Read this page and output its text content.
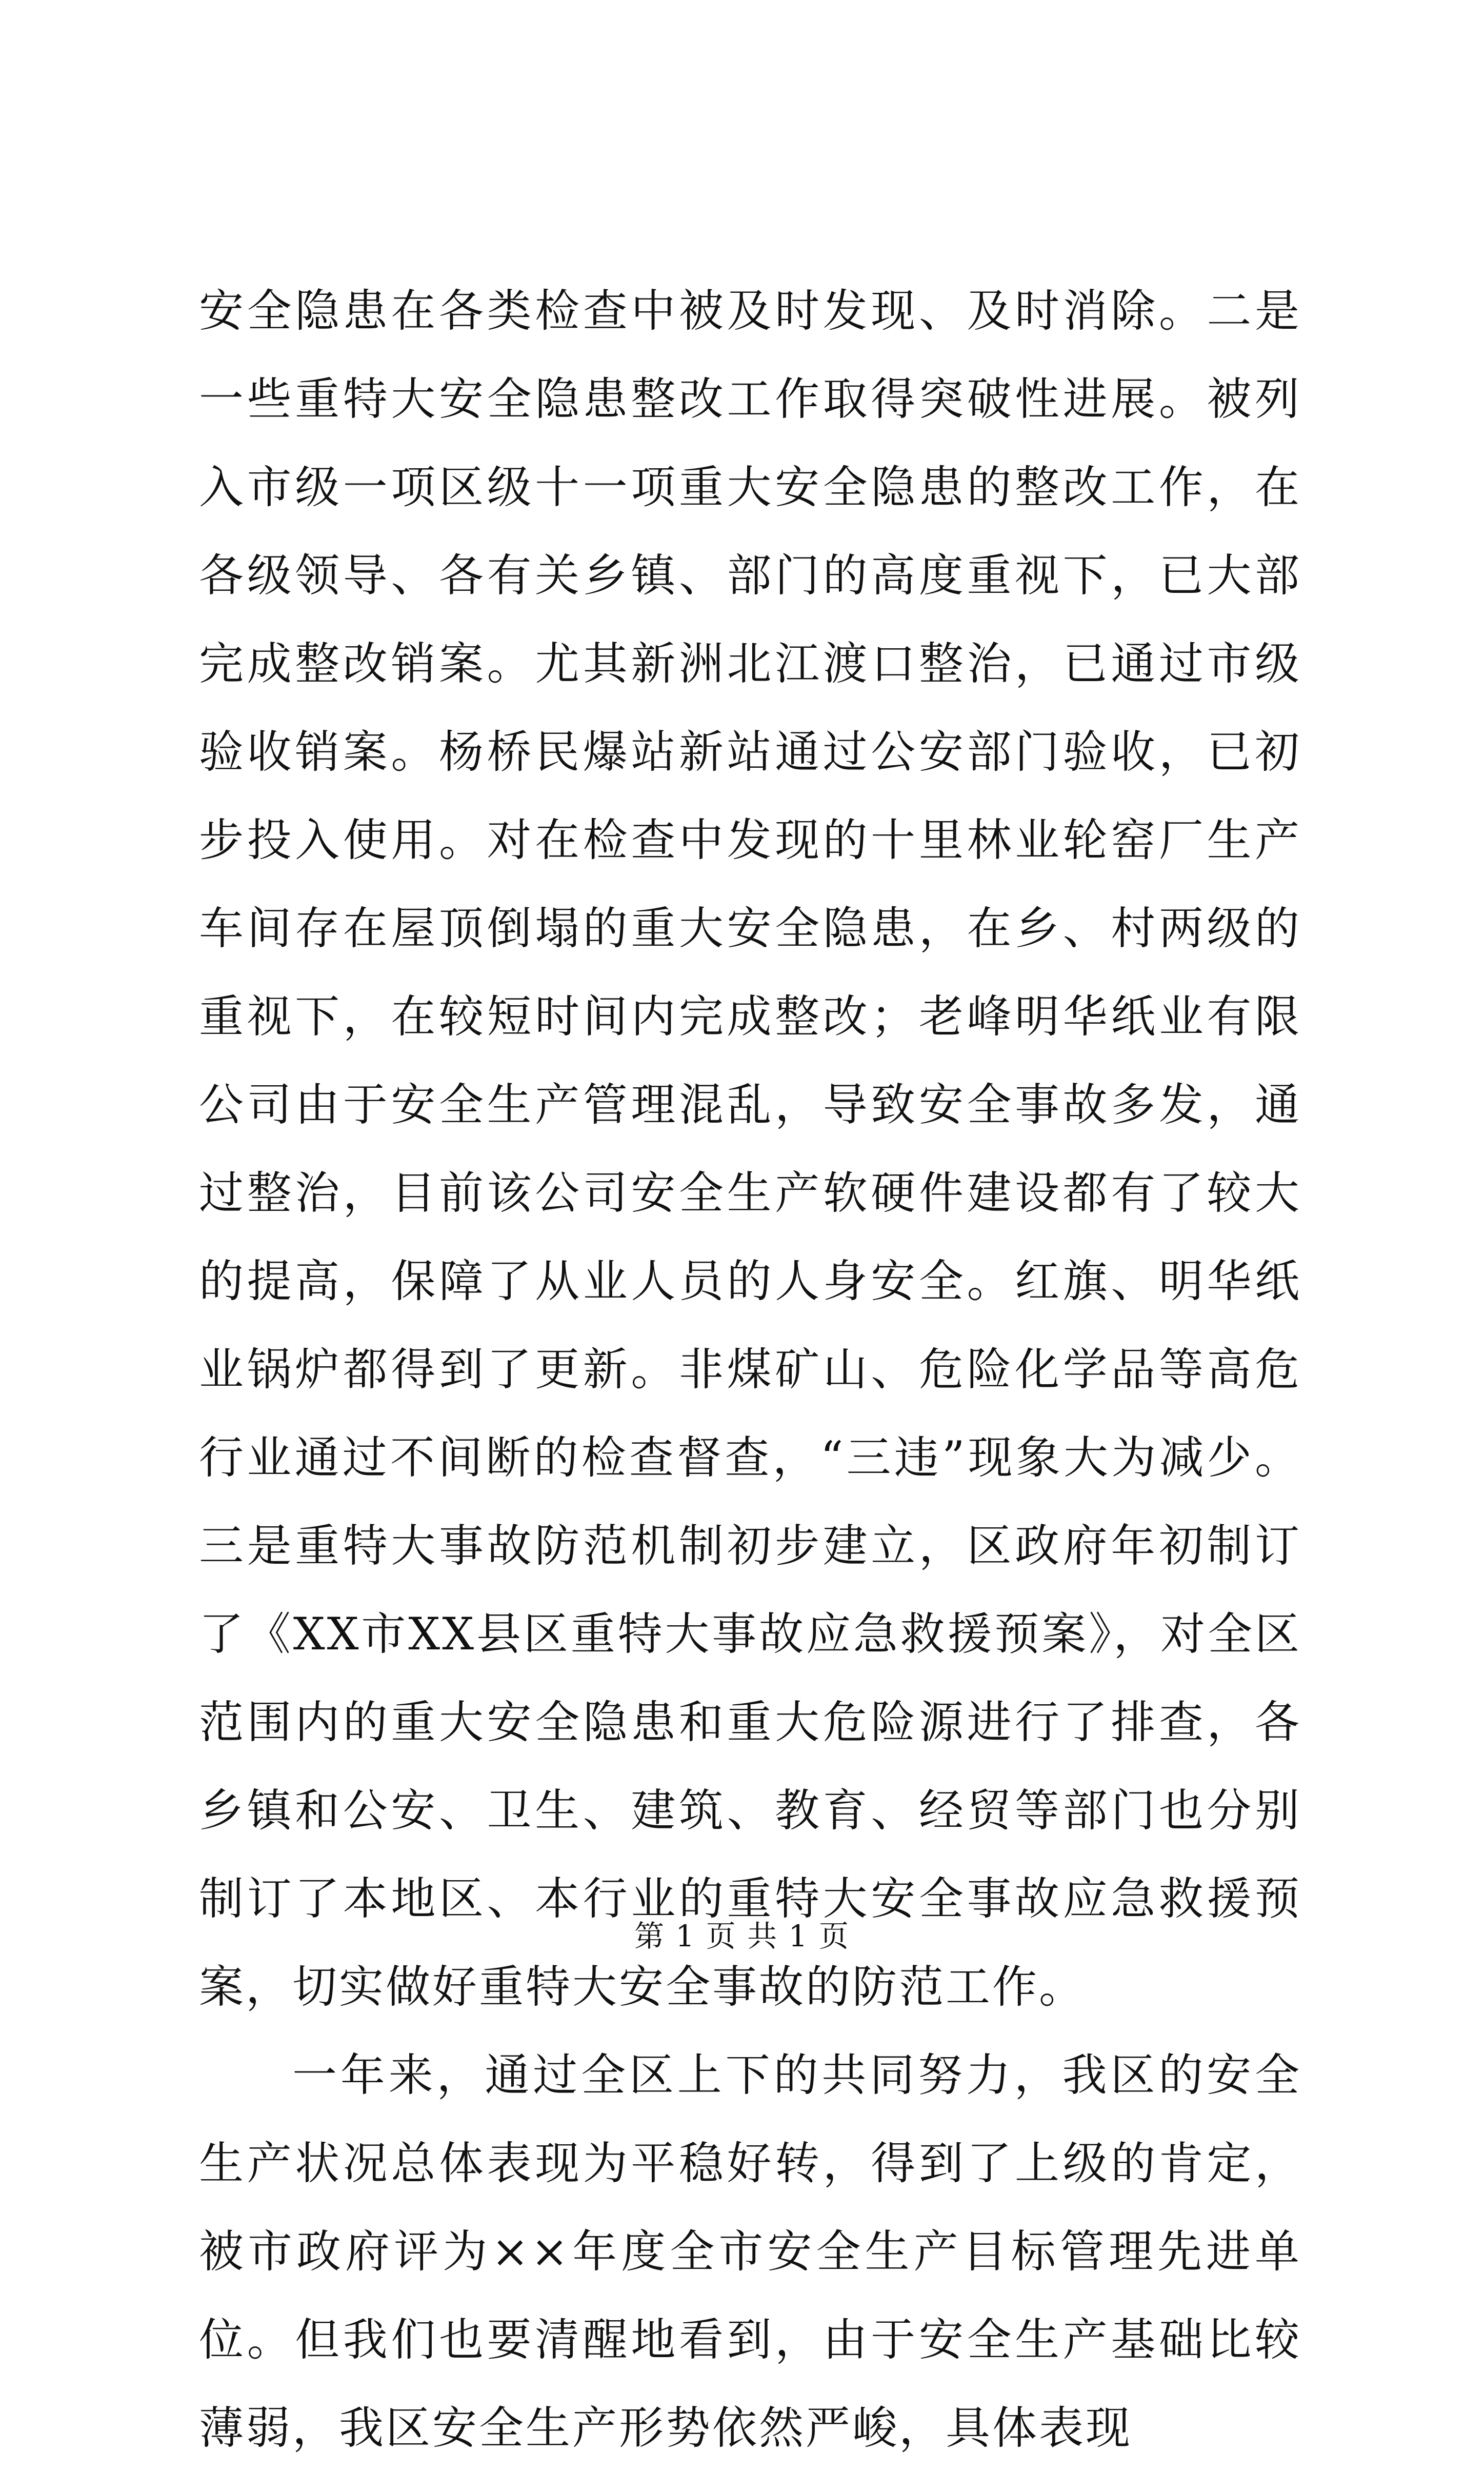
安全隐患在各类检查中被及时发现、及时消除。二是一些重特大安全隐患整改工作取得突破性进展。被列入市级一项区级十一项重大安全隐患的整改工作，在各级领导、各有关乡镇、部门的高度重视下，已大部完成整改销案。尤其新洲北江渡口整治，已通过市级验收销案。杨桥民爆站新站通过公安部门验收，已初步投入使用。对在检查中发现的十里林业轮窑厂生产车间存在屋顶倒塌的重大安全隐患，在乡、村两级的重视下，在较短时间内完成整改；老峰明华纸业有限公司由于安全生产管理混乱，导致安全事故多发，通过整治，目前该公司安全生产软硬件建设都有了较大的提高，保障了从业人员的人身安全。红旗、明华纸业锅炉都得到了更新。非煤矿山、危险化学品等高危行业通过不间断的检查督查，“三违”现象大为减少。三是重特大事故防范机制初步建立，区政府年初制订了《XX市XX县区重特大事故应急救援预案》，对全区范围内的重大安全隐患和重大危险源进行了排查，各乡镇和公安、卫生、建筑、教育、经贸等部门也分别制订了本地区、本行业的重特大安全事故应急救援预案，切实做好重特大安全事故的防范工作。

一年来，通过全区上下的共同努力，我区的安全生产状况总体表现为平稳好转，得到了上级的肯定，被市政府评为××年度全市安全生产目标管理先进单位。但我们也要清醒地看到，由于安全生产基础比较薄弱，我区安全生产形势依然严峻，具体表现

第 1 页 共 1 页
